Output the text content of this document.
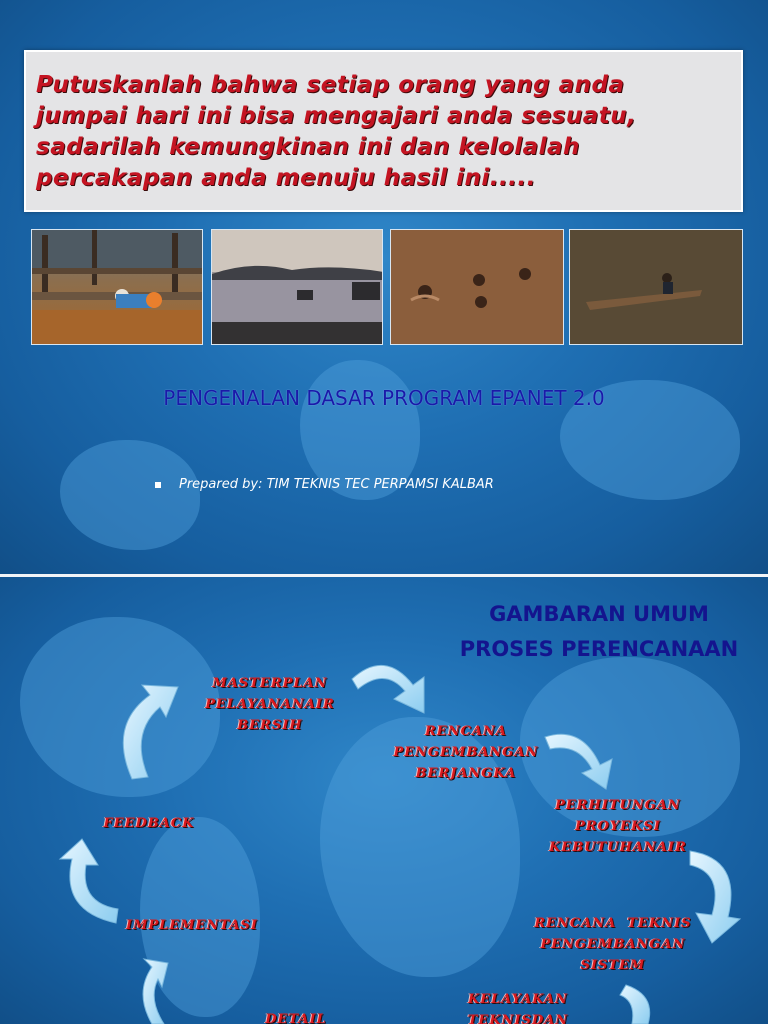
Putuskanlah bahwa setiap orang yang anda
jumpai hari ini bisa mengajari anda sesuatu,
sadarilah kemungkinan ini dan kelolalah
percakapan anda menuju hasil ini.....
PENGENALAN DASAR PROGRAM EPANET 2.0
Prepared by: TIM TEKNIS TEC PERPAMSI KALBAR
GAMBARAN UMUM
PROSES PERENCANAAN
MASTERPLAN
PELAYANANAIR
BERSIH	RENCANA
PENGEMBANGAN
BERJANGKA
PERHITUNGAN
PROYEKSI
KEBUTUHANAIR
RENCANA  TEKNIS
PENGEMBANGAN
SISTEM
KELAYAKAN
TEKNISDAN
DETAIL
IMPLEMENTASI
FEEDBACK
